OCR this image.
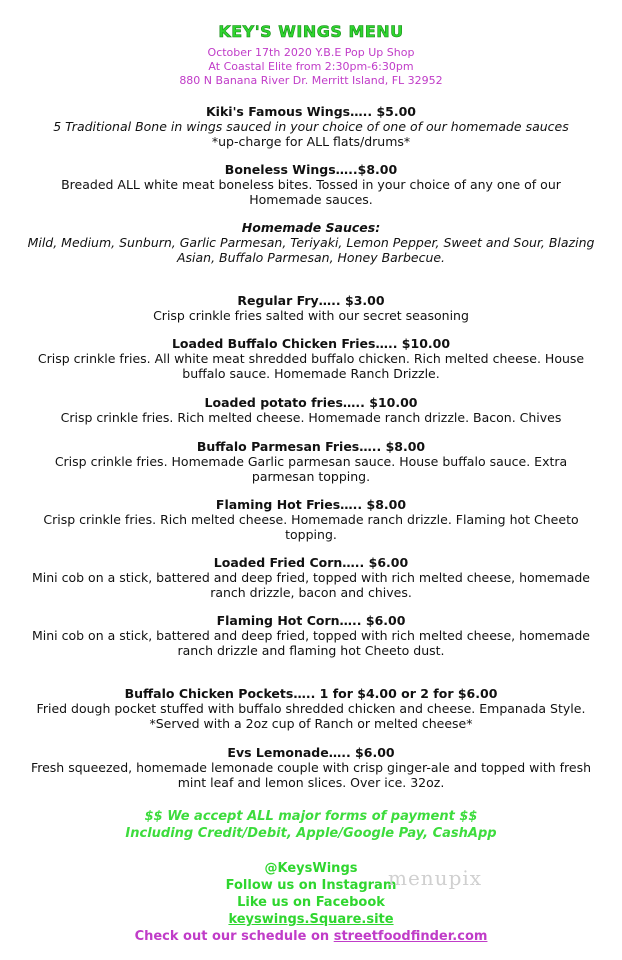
KEY'S WINGS MENU
October 17th 2020 Y.B.E Pop Up Shop
At Coastal Elite from 2:30pm-6:30pm
880 N Banana River Dr. Merritt Island, FL 32952
Kiki's Famous Wings….. $5.00
5 Traditional Bone in wings sauced in your choice of one of our homemade sauces
*up-charge for ALL flats/drums*
Boneless Wings…..$8.00
Breaded ALL white meat boneless bites. Tossed in your choice of any one of our Homemade sauces.
Homemade Sauces:
Mild, Medium, Sunburn, Garlic Parmesan, Teriyaki, Lemon Pepper, Sweet and Sour, Blazing Asian, Buffalo Parmesan, Honey Barbecue.
Regular Fry….. $3.00
Crisp crinkle fries salted with our secret seasoning
Loaded Buffalo Chicken Fries….. $10.00
Crisp crinkle fries. All white meat shredded buffalo chicken. Rich melted cheese. House buffalo sauce. Homemade Ranch Drizzle.
Loaded potato fries….. $10.00
Crisp crinkle fries. Rich melted cheese. Homemade ranch drizzle. Bacon. Chives
Buffalo Parmesan Fries….. $8.00
Crisp crinkle fries. Homemade Garlic parmesan sauce. House buffalo sauce. Extra parmesan topping.
Flaming Hot Fries….. $8.00
Crisp crinkle fries. Rich melted cheese. Homemade ranch drizzle. Flaming hot Cheeto topping.
Loaded Fried Corn….. $6.00
Mini cob on a stick, battered and deep fried, topped with rich melted cheese, homemade ranch drizzle, bacon and chives.
Flaming Hot Corn….. $6.00
Mini cob on a stick, battered and deep fried, topped with rich melted cheese, homemade ranch drizzle and flaming hot Cheeto dust.
Buffalo Chicken Pockets….. 1 for $4.00 or 2 for $6.00
Fried dough pocket stuffed with buffalo shredded chicken and cheese. Empanada Style.
*Served with a 2oz cup of Ranch or melted cheese*
Evs Lemonade….. $6.00
Fresh squeezed, homemade lemonade couple with crisp ginger-ale and topped with fresh mint leaf and lemon slices. Over ice. 32oz.
$$ We accept ALL major forms of payment $$
Including Credit/Debit, Apple/Google Pay, CashApp
@KeysWings
Follow us on Instagram
Like us on Facebook
keyswings.Square.site
Check out our schedule on streetfoodfinder.com
menupix
